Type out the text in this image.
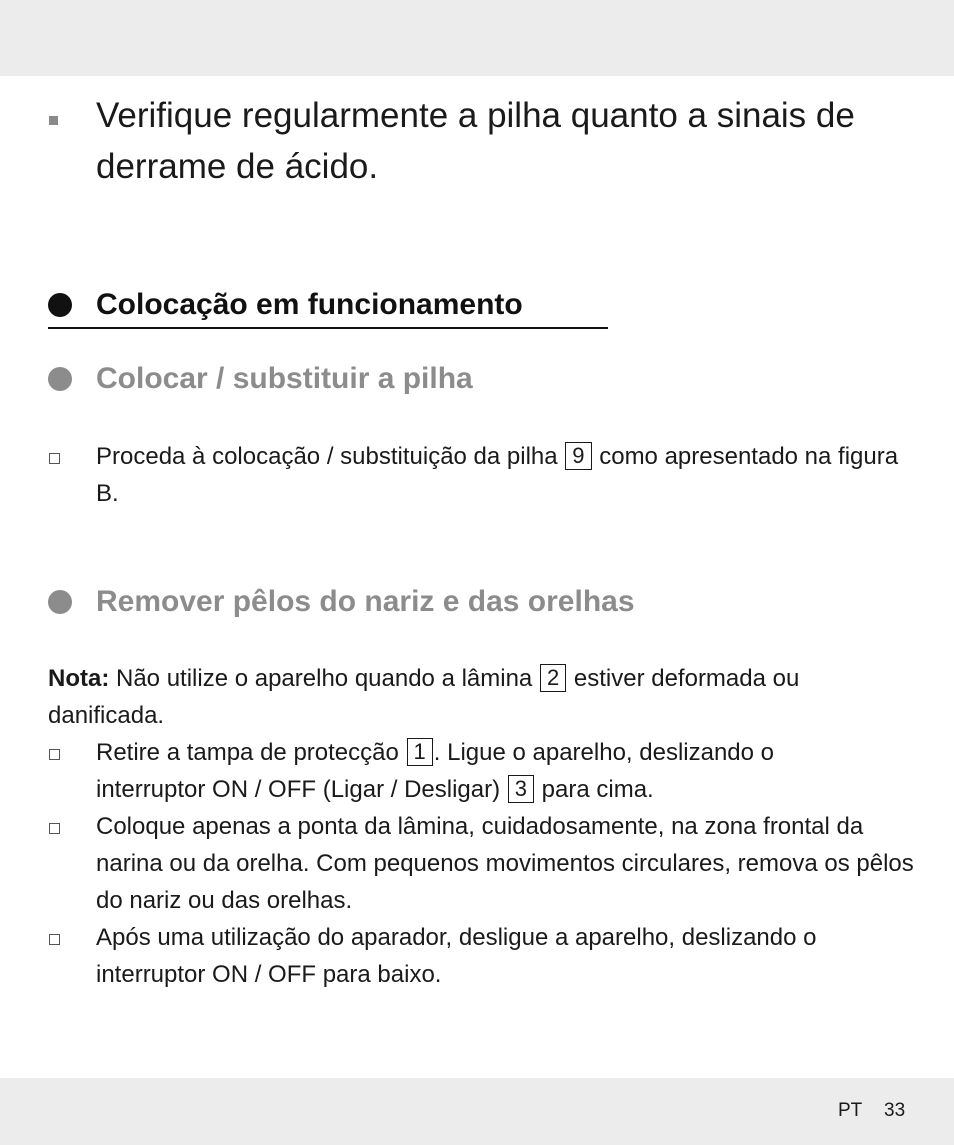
Verifique regularmente a pilha quanto a sinais de derrame de ácido.
Colocação em funcionamento
Colocar / substituir a pilha
Proceda à colocação / substituição da pilha 9 como apresentado na figura B.
Remover pêlos do nariz e das orelhas
Nota: Não utilize o aparelho quando a lâmina 2 estiver deformada ou danificada.
Retire a tampa de protecção 1 . Ligue o aparelho, deslizando o interruptor ON / OFF (Ligar / Desligar) 3 para cima.
Coloque apenas a ponta da lâmina, cuidadosamente, na zona frontal da narina ou da orelha. Com pequenos movimentos circulares, remova os pêlos do nariz ou das orelhas.
Após uma utilização do aparador, desligue a aparelho, deslizando o interruptor ON / OFF para baixo.
PT 33
